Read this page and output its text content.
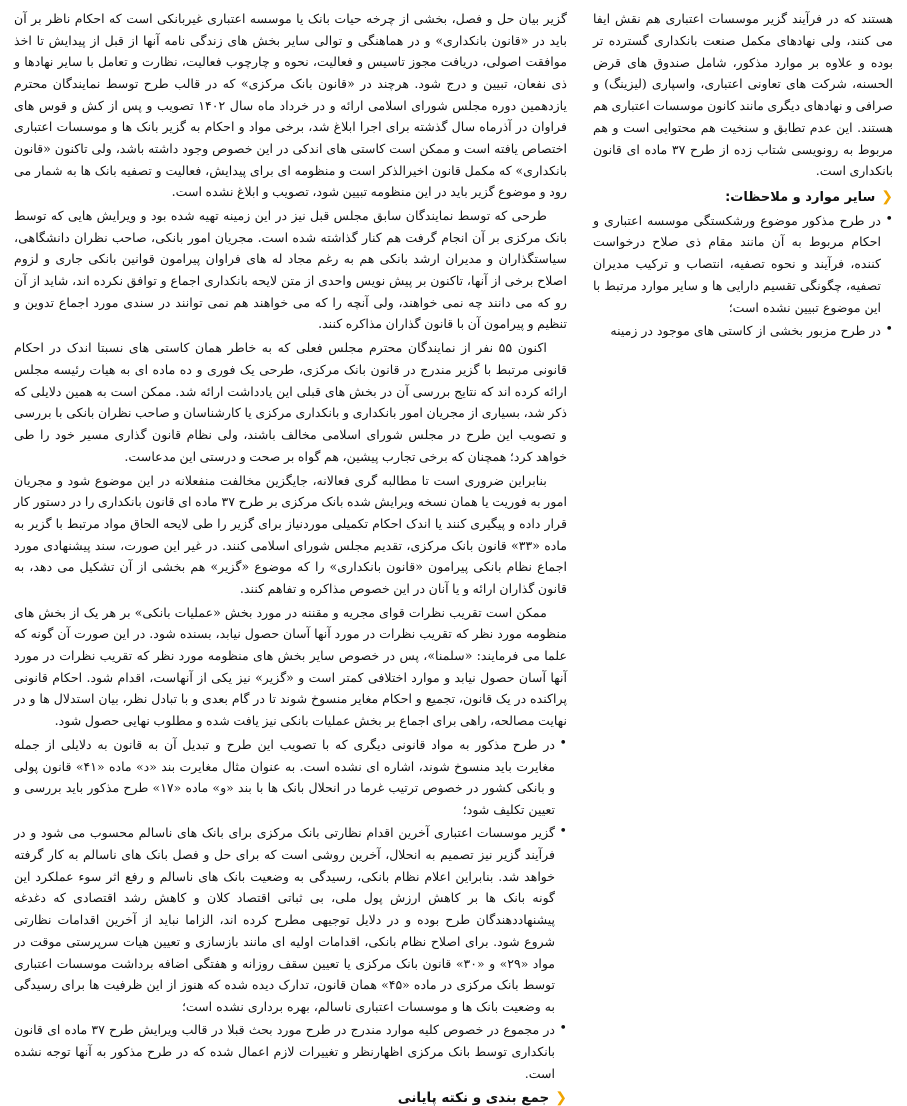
هستند که در فرآیند گزیر موسسات اعتباری هم نقش ایفا می کنند، ولی نهادهای مکمل صنعت بانکداری گسترده تر بوده و علاوه بر موارد مذکور، شامل صندوق های قرض الحسنه، شرکت های تعاونی اعتباری، واسپاری (لیزینگ) و صرافی و نهادهای دیگری مانند کانون موسسات اعتباری هم هستند. این عدم تطابق و سنخیت هم محتوایی است و هم مربوط به رونویسی شتاب زده از طرح ۳۷ ماده ای قانون بانکداری است.

❮
سایر موارد و ملاحظات:
• در طرح مذکور موضوع ورشکستگی موسسه اعتباری و احکام مربوط به آن مانند مقام ذی صلاح درخواست کننده، فرآیند و نحوه تصفیه، انتصاب و ترکیب مدیران تصفیه، چگونگی تقسیم دارایی ها و سایر موارد مرتبط با این موضوع تبیین نشده است؛
• در طرح مزبور بخشی از کاستی های موجود در زمینه

گزیر بیان حل و فصل، بخشی از چرخه حیات بانک یا موسسه اعتباری غیربانکی است که احکام ناظر بر آن باید در «قانون بانکداری» و در هماهنگی و توالی سایر بخش های زندگی نامه آنها از قبل از پیدایش تا اخذ موافقت اصولی، دریافت مجوز تاسیس و فعالیت، نحوه و چارچوب فعالیت، نظارت و تعامل با سایر نهادها و ذی نفعان، تبیین و درج شود. هرچند در «قانون بانک مرکزی» که در قالب طرح توسط نمایندگان محترم یازدهمین دوره مجلس شورای اسلامی ارائه و در خرداد ماه سال ۱۴۰۲ تصویب و پس از کش و قوس های فراوان در آذرماه سال گذشته برای اجرا ابلاغ شد، برخی مواد و احکام به گزیر بانک ها و موسسات اعتباری اختصاص یافته است و ممکن است کاستی های اندکی در این خصوص وجود داشته باشد، ولی تاکنون «قانون بانکداری» که مکمل قانون اخیرالذکر است و منظومه ای برای پیدایش، فعالیت و تصفیه بانک ها به شمار می رود و موضوع گزیر باید در این منظومه تبیین شود، تصویب و ابلاغ نشده است.

طرحی که توسط نمایندگان سابق مجلس قبل نیز در این زمینه تهیه شده بود و ویرایش هایی که توسط بانک مرکزی بر آن انجام گرفت هم کنار گذاشته شده است. مجریان امور بانکی، صاحب نظران دانشگاهی، سیاستگذاران و مدیران ارشد بانکی هم به رغم مجاد له های فراوان پیرامون قوانین بانکی جاری و لزوم اصلاح برخی از آنها، تاکنون بر پیش نویس واحدی از متن لایحه بانکداری اجماع و توافق نکرده اند، شاید از آن رو که می دانند چه نمی خواهند، ولی آنچه را که می خواهند هم نمی توانند در سندی مورد اجماع تدوین و تنظیم و پیرامون آن با قانون گذاران مذاکره کنند.

اکنون ۵۵ نفر از نمایندگان محترم مجلس فعلی که به خاطر همان کاستی های نسبتا اندک در احکام قانونی مرتبط با گزیر مندرج در قانون بانک مرکزی، طرحی یک فوری و ده ماده ای به هیات رئیسه مجلس ارائه کرده اند که نتایج بررسی آن در بخش های قبلی این یادداشت ارائه شد. ممکن است به همین دلایلی که ذکر شد، بسیاری از مجریان امور بانکداری و بانکداری مرکزی یا کارشناسان و صاحب نظران بانکی با بررسی و تصویب این طرح در مجلس شورای اسلامی مخالف باشند، ولی نظام قانون گذاری مسیر خود را طی خواهد کرد؛ همچنان که برخی تجارب پیشین، هم گواه بر صحت و درستی این مدعاست.

بنابراین ضروری است تا مطالبه گری فعالانه، جایگزین مخالفت منفعلانه در این موضوع شود و مجریان امور به فوریت یا همان نسخه ویرایش شده بانک مرکزی بر طرح ۳۷ ماده ای قانون بانکداری را در دستور کار قرار داده و پیگیری کنند یا اندک احکام تکمیلی موردنیاز برای گزیر را طی لایحه الحاق مواد مرتبط با گزیر به ماده «۳۳» قانون بانک مرکزی، تقدیم مجلس شورای اسلامی کنند. در غیر این صورت، سند پیشنهادی مورد اجماع نظام بانکی پیرامون «قانون بانکداری» را که موضوع «گزیر» هم بخشی از آن تشکیل می دهد، به قانون گذاران ارائه و یا آنان در این خصوص مذاکره و تفاهم کنند.

ممکن است تقریب نظرات قوای مجریه و مقننه در مورد بخش «عملیات بانکی» بر هر یک از بخش های منظومه مورد نظر که تقریب نظرات در مورد آنها آسان حصول نیابد، بسنده شود. در این صورت آن گونه که علما می فرمایند: «سلمنا»، پس در خصوص سایر بخش های منظومه مورد نظر که تقریب نظرات در مورد آنها آسان حصول نیابد و موارد اختلافی کمتر است و «گزیر» نیز یکی از آنهاست، اقدام شود. احکام قانونی پراکنده در یک قانون، تجمیع و احکام مغایر منسوخ شوند تا در گام بعدی و با تبادل نظر، بیان استدلال ها و در نهایت مصالحه، راهی برای اجماع بر بخش عملیات بانکی نیز یافت شده و مطلوب نهایی حصول شود.

• در طرح مذکور به مواد قانونی دیگری که با تصویب این طرح و تبدیل آن به قانون به دلایلی از جمله مغایرت باید منسوخ شوند، اشاره ای نشده است. به عنوان مثال مغایرت بند «د» ماده «۴۱» قانون پولی و بانکی کشور در خصوص ترتیب غرما در انحلال بانک ها با بند «و» ماده «۱۷» طرح مذکور باید بررسی و تعیین تکلیف شود؛
• گزیر موسسات اعتباری آخرین اقدام نظارتی بانک مرکزی برای بانک های ناسالم محسوب می شود و در فرآیند گزیر نیز تصمیم به انحلال، آخرین روشی است که برای حل و فصل بانک های ناسالم به کار گرفته خواهد شد. بنابراین اعلام نظام بانکی، رسیدگی به وضعیت بانک های ناسالم و رفع اثر سوء عملکرد این گونه بانک ها بر کاهش ارزش پول ملی، بی ثباتی اقتصاد کلان و کاهش رشد اقتصادی که دغدغه پیشنهاددهندگان طرح بوده و در دلایل توجیهی مطرح کرده اند، الزاما نباید از آخرین اقدامات نظارتی شروع شود. برای اصلاح نظام بانکی، اقدامات اولیه ای مانند بازسازی و تعیین هیات سرپرستی موقت در مواد «۲۹» و «۳۰» قانون بانک مرکزی یا تعیین سقف روزانه و هفتگی اضافه برداشت موسسات اعتباری توسط بانک مرکزی در ماده «۴۵» همان قانون، تدارک دیده شده که هنوز از این ظرفیت ها برای رسیدگی به وضعیت بانک ها و موسسات اعتباری ناسالم، بهره برداری نشده است؛
• در مجموع در خصوص کلیه موارد مندرج در طرح مورد بحث قبلا در قالب ویرایش طرح ۳۷ ماده ای قانون بانکداری توسط بانک مرکزی اظهارنظر و تغییرات لازم اعمال شده که در طرح مذکور به آنها توجه نشده است.
❮
جمع بندی و نکته پایانی
